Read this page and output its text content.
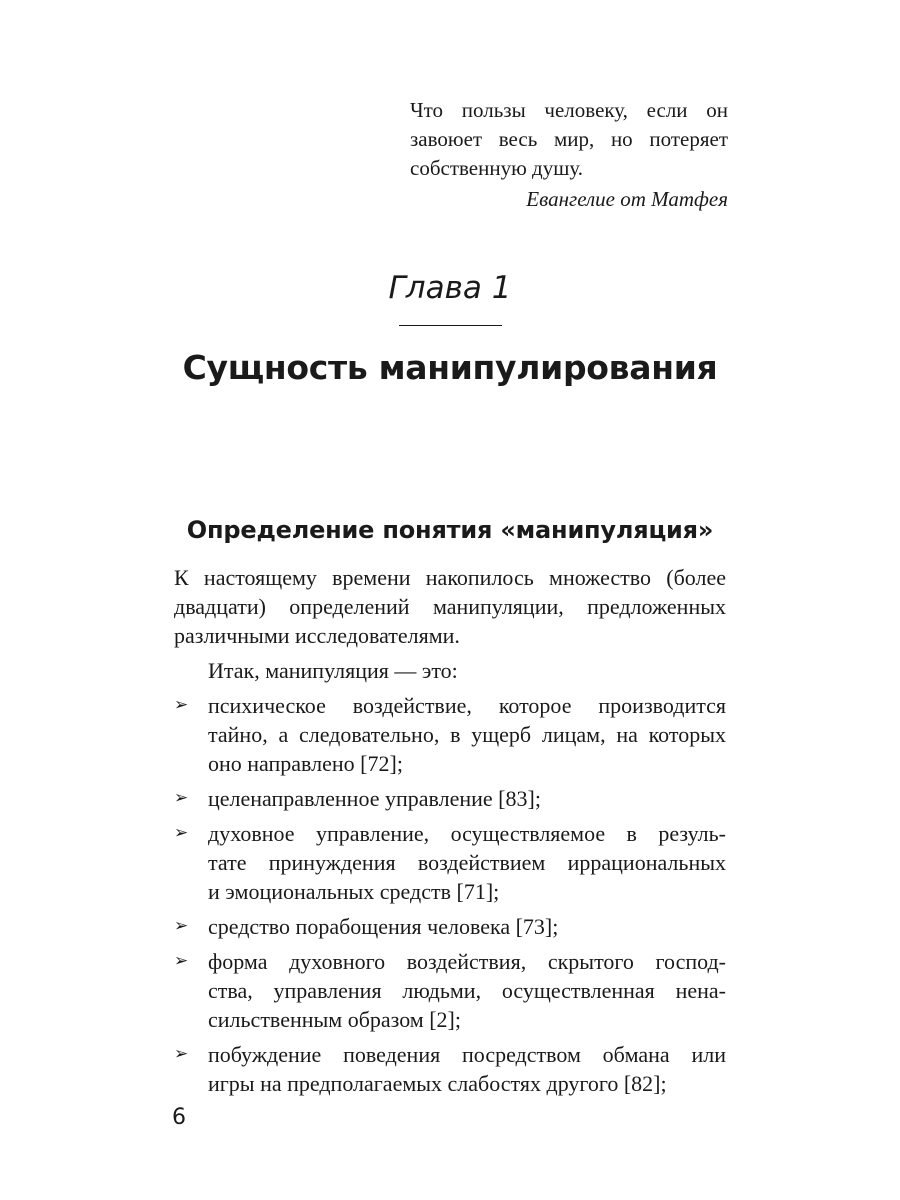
Что пользы человеку, если он
завоюет весь мир, но потеряет
собственную душу.
Евангелие от Матфея
Глава 1
Сущность манипулирования
Определение понятия «манипуляция»
К настоящему времени накопилось множество (более
двадцати) определений манипуляции, предложенных
различными исследователями.
Итак, манипуляция — это:
➢ психическое воздействие, которое производится
тайно, а следовательно, в ущерб лицам, на которых
оно направлено [72];
➢ целенаправленное управление [83];
➢ духовное управление, осуществляемое в резуль-
тате принуждения воздействием иррациональных
и эмоциональных средств [71];
➢ средство порабощения человека [73];
➢ форма духовного воздействия, скрытого господ-
ства, управления людьми, осуществленная нена-
сильственным образом [2];
➢ побуждение поведения посредством обмана или
игры на предполагаемых слабостях другого [82];
6
